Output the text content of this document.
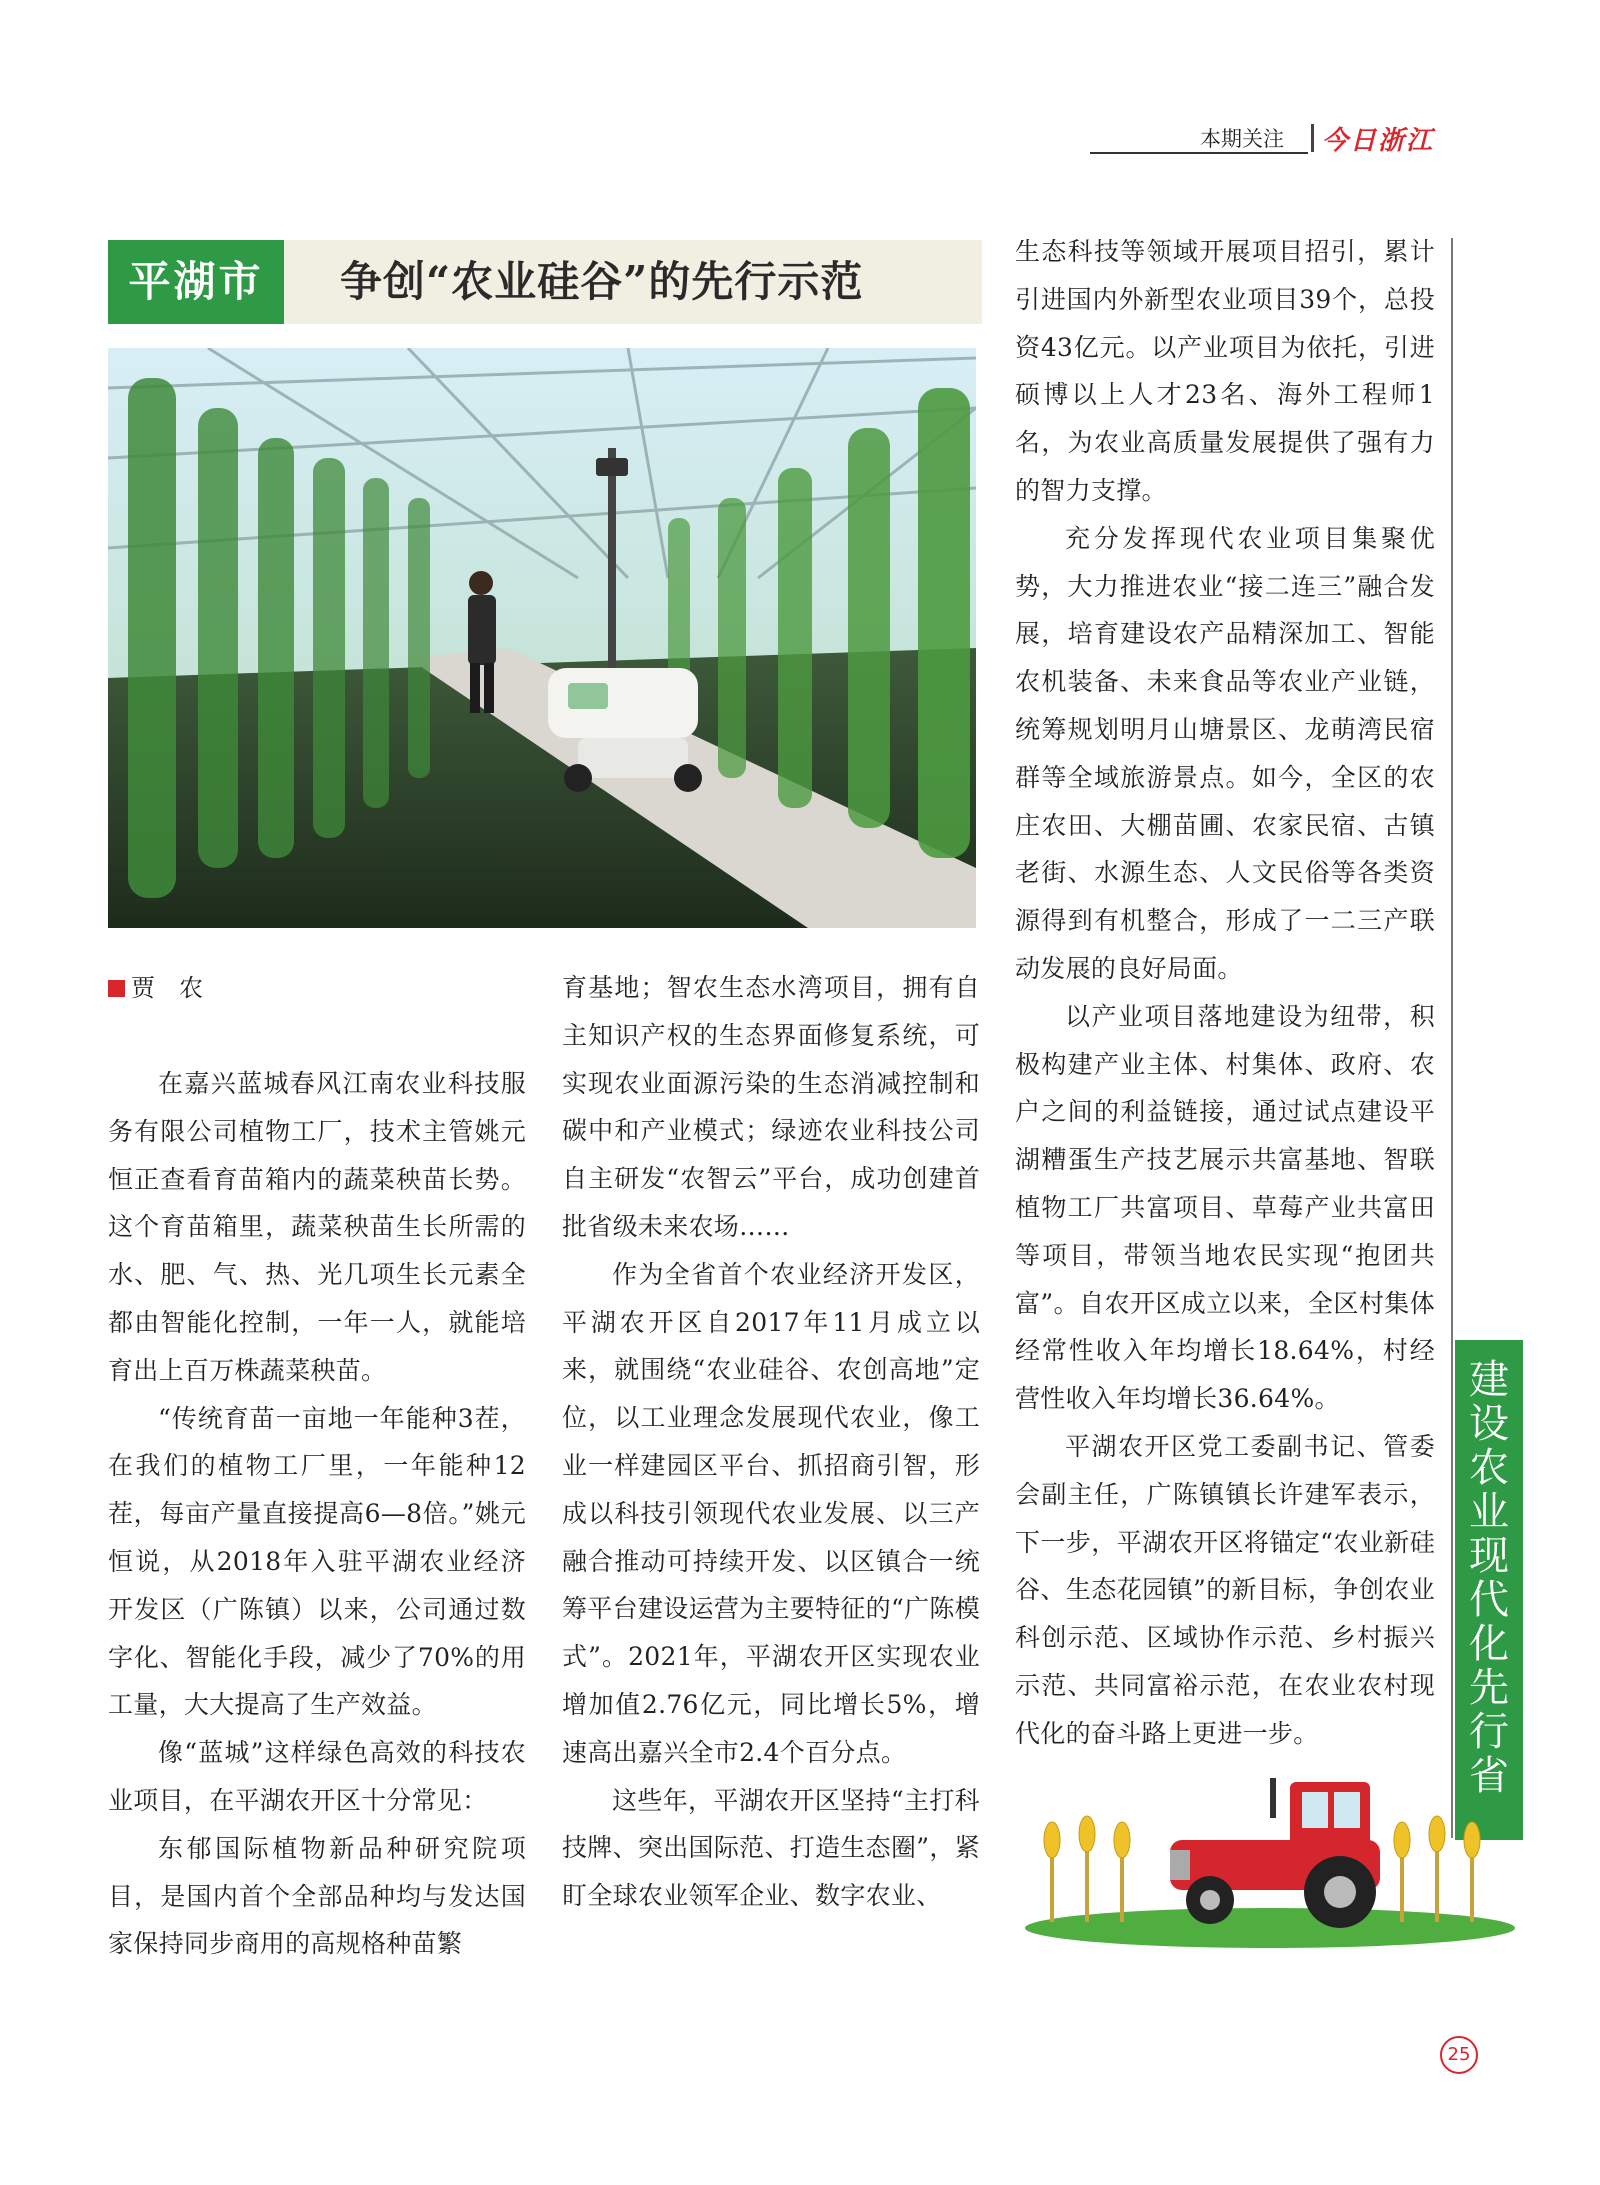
本期关注 今日浙江
平湖市	争创“农业硅谷”的先行示范
贾　农

在嘉兴蓝城春风江南农业科技服务有限公司植物工厂，技术主管姚元恒正查看育苗箱内的蔬菜秧苗长势。这个育苗箱里，蔬菜秧苗生长所需的水、肥、气、热、光几项生长元素全都由智能化控制，一年一人，就能培育出上百万株蔬菜秧苗。

“传统育苗一亩地一年能种3茬，在我们的植物工厂里，一年能种12茬，每亩产量直接提高6—8倍。”姚元恒说，从2018年入驻平湖农业经济开发区（广陈镇）以来，公司通过数字化、智能化手段，减少了70%的用工量，大大提高了生产效益。

像“蓝城”这样绿色高效的科技农业项目，在平湖农开区十分常见：

东郁国际植物新品种研究院项目，是国内首个全部品种均与发达国家保持同步商用的高规格种苗繁

育基地；智农生态水湾项目，拥有自主知识产权的生态界面修复系统，可实现农业面源污染的生态消减控制和碳中和产业模式；绿迹农业科技公司自主研发“农智云”平台，成功创建首批省级未来农场……

作为全省首个农业经济开发区，平湖农开区自2017年11月成立以来，就围绕“农业硅谷、农创高地”定位，以工业理念发展现代农业，像工业一样建园区平台、抓招商引智，形成以科技引领现代农业发展、以三产融合推动可持续开发、以区镇合一统筹平台建设运营为主要特征的“广陈模式”。2021年，平湖农开区实现农业增加值2.76亿元，同比增长5%，增速高出嘉兴全市2.4个百分点。

这些年，平湖农开区坚持“主打科技牌、突出国际范、打造生态圈”，紧盯全球农业领军企业、数字农业、

生态科技等领域开展项目招引，累计引进国内外新型农业项目39个，总投资43亿元。以产业项目为依托，引进硕博以上人才23名、海外工程师1名，为农业高质量发展提供了强有力的智力支撑。

充分发挥现代农业项目集聚优势，大力推进农业“接二连三”融合发展，培育建设农产品精深加工、智能农机装备、未来食品等农业产业链，统筹规划明月山塘景区、龙萌湾民宿群等全域旅游景点。如今，全区的农庄农田、大棚苗圃、农家民宿、古镇老街、水源生态、人文民俗等各类资源得到有机整合，形成了一二三产联动发展的良好局面。

以产业项目落地建设为纽带，积极构建产业主体、村集体、政府、农户之间的利益链接，通过试点建设平湖糟蛋生产技艺展示共富基地、智联植物工厂共富项目、草莓产业共富田等项目，带领当地农民实现“抱团共富”。自农开区成立以来，全区村集体经常性收入年均增长18.64%，村经营性收入年均增长36.64%。

平湖农开区党工委副书记、管委会副主任，广陈镇镇长许建军表示，下一步，平湖农开区将锚定“农业新硅谷、生态花园镇”的新目标，争创农业科创示范、区域协作示范、乡村振兴示范、共同富裕示范，在农业农村现代化的奋斗路上更进一步。

建设农业现代化先行省
25
